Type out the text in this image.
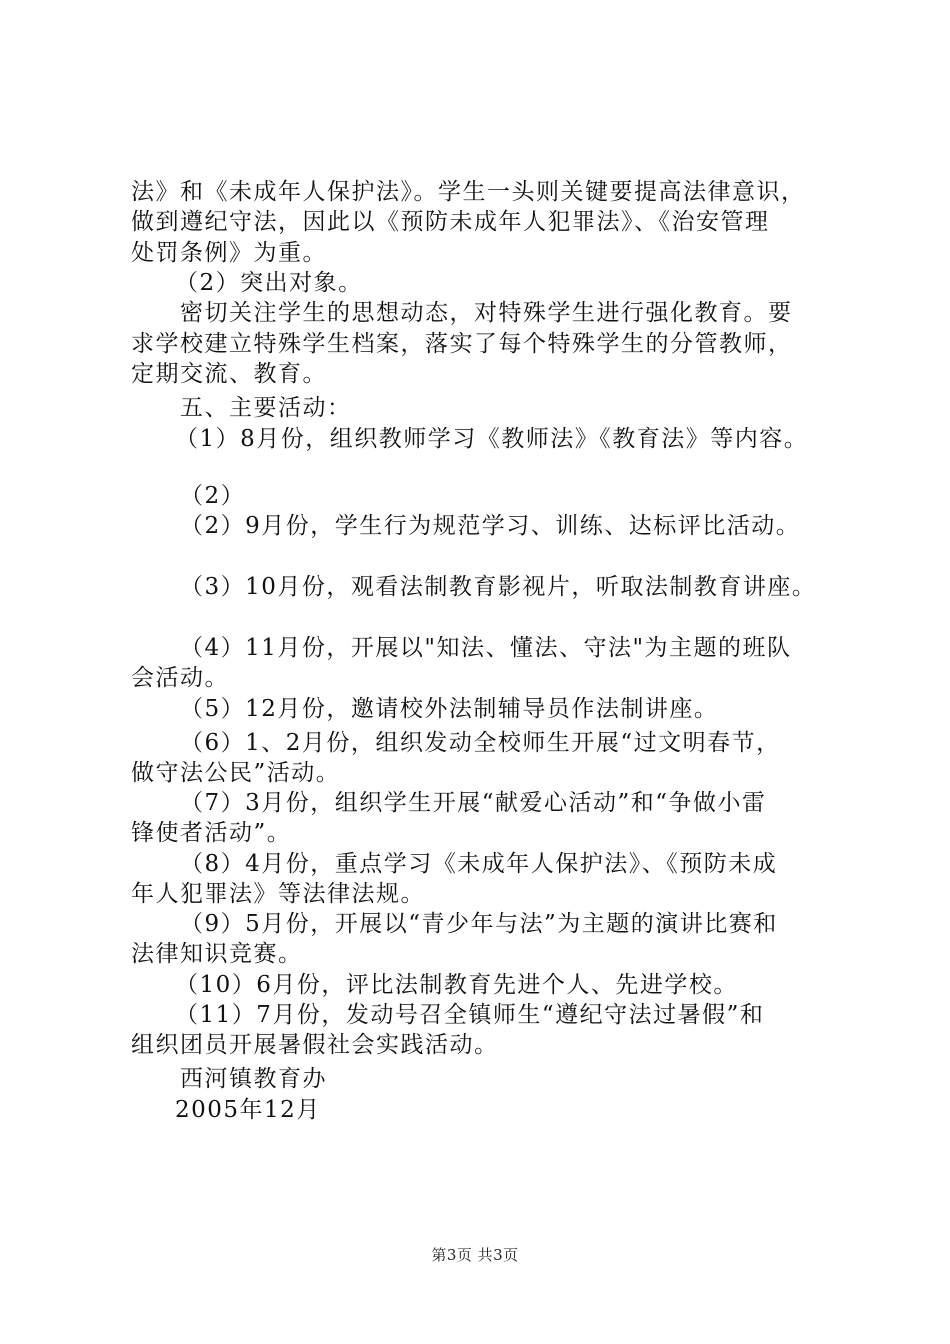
法》和《未成年人保护法》。学生一头则关键要提高法律意识，
做到遵纪守法，因此以《预防未成年人犯罪法》、《治安管理
处罚条例》为重。
（2）突出对象。
密切关注学生的思想动态，对特殊学生进行强化教育。要
求学校建立特殊学生档案，落实了每个特殊学生的分管教师，
定期交流、教育。
五、主要活动：
（1）8月份，组织教师学习《教师法》《教育法》等内容。
（2）
（2）9月份，学生行为规范学习、训练、达标评比活动。
（3）10月份，观看法制教育影视片，听取法制教育讲座。
（4）11月份，开展以"知法、懂法、守法"为主题的班队
会活动。
（5）12月份，邀请校外法制辅导员作法制讲座。
（6）1、2月份，组织发动全校师生开展“过文明春节，
做守法公民”活动。
（7）3月份，组织学生开展“献爱心活动”和“争做小雷
锋使者活动”。
（8）4月份，重点学习《未成年人保护法》、《预防未成
年人犯罪法》等法律法规。
（9）5月份，开展以“青少年与法”为主题的演讲比赛和
法律知识竞赛。
（10）6月份，评比法制教育先进个人、先进学校。
（11）7月份，发动号召全镇师生“遵纪守法过暑假”和
组织团员开展暑假社会实践活动。
西河镇教育办
2005年12月
第3页 共3页
